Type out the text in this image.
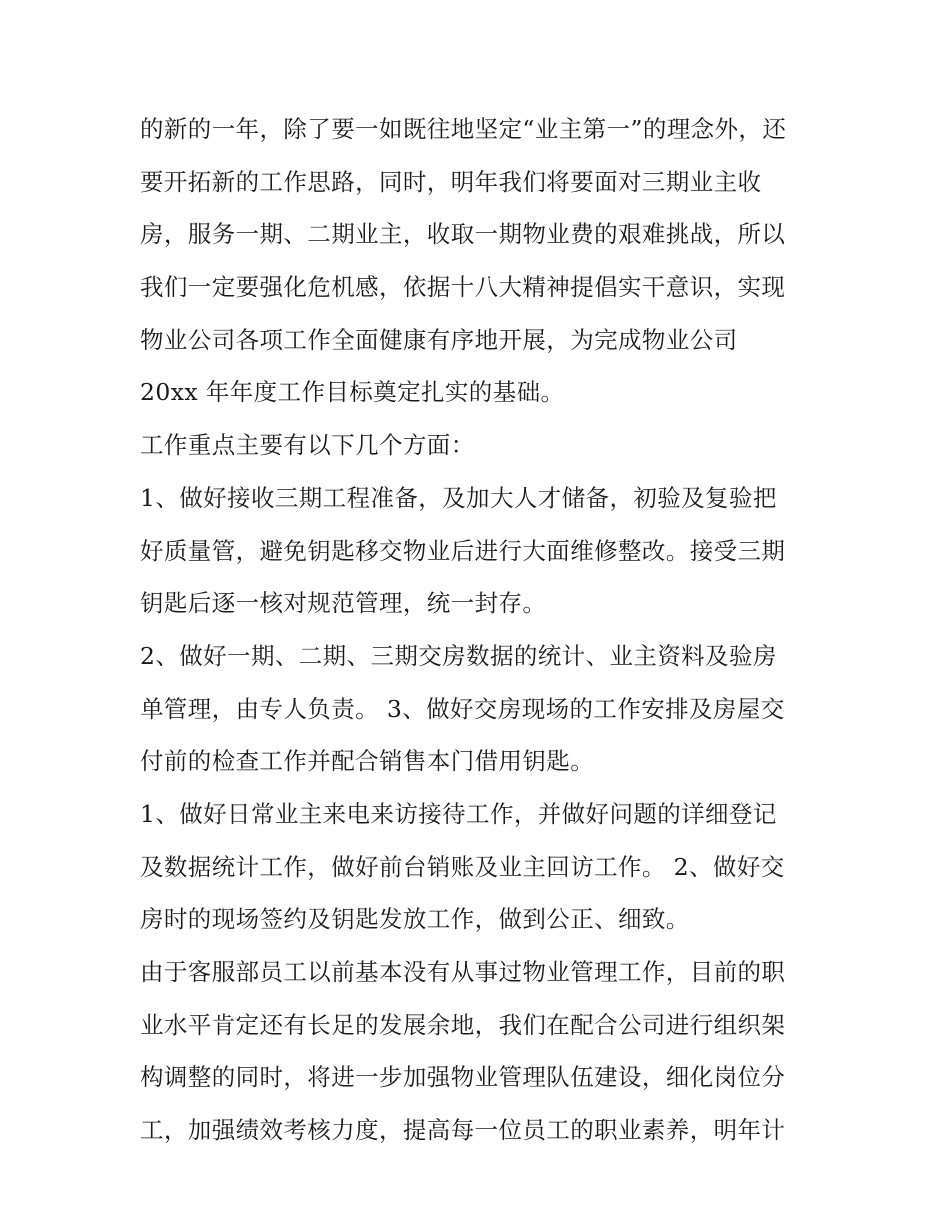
的新的一年，除了要一如既往地坚定“业主第一”的理念外，还
要开拓新的工作思路，同时，明年我们将要面对三期业主收
房，服务一期、二期业主，收取一期物业费的艰难挑战，所以
我们一定要强化危机感，依据十八大精神提倡实干意识，实现
物业公司各项工作全面健康有序地开展，为完成物业公司
20xx 年年度工作目标奠定扎实的基础。
工作重点主要有以下几个方面：
1、做好接收三期工程准备，及加大人才储备，初验及复验把
好质量管，避免钥匙移交物业后进行大面维修整改。接受三期
钥匙后逐一核对规范管理，统一封存。
2、做好一期、二期、三期交房数据的统计、业主资料及验房
单管理，由专人负责。 3、做好交房现场的工作安排及房屋交
付前的检查工作并配合销售本门借用钥匙。
1、做好日常业主来电来访接待工作，并做好问题的详细登记
及数据统计工作，做好前台销账及业主回访工作。 2、做好交
房时的现场签约及钥匙发放工作，做到公正、细致。
由于客服部员工以前基本没有从事过物业管理工作，目前的职
业水平肯定还有长足的发展余地，我们在配合公司进行组织架
构调整的同时，将进一步加强物业管理队伍建设，细化岗位分
工，加强绩效考核力度，提高每一位员工的职业素养，明年计
